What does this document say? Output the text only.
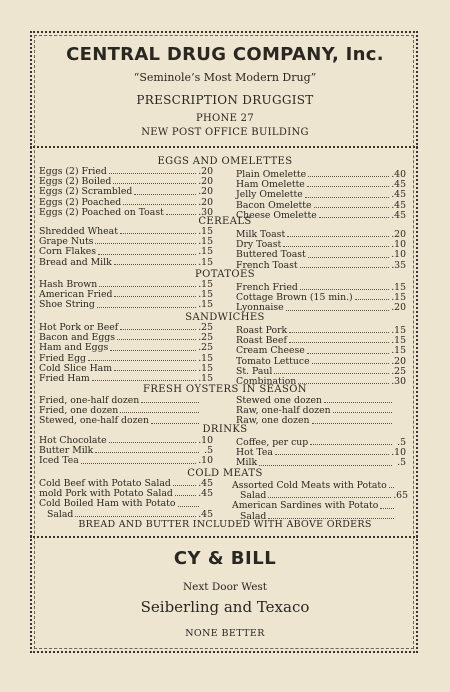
CENTRAL DRUG COMPANY, Inc.
“Seminole’s Most Modern Drug”
PRESCRIPTION DRUGGIST
PHONE 27
NEW POST OFFICE BUILDING
EGGS AND OMELETTES
Eggs (2) Fried	.20
Eggs (2) Boiled	.20
Eggs (2) Scrambled	.20
Eggs (2) Poached	.20
Eggs (2) Poached on Toast	.30
Plain Omelette	.40
Ham Omelette	.45
Jelly Omelette	.45
Bacon Omelette	.45
Cheese Omelette	.45
CEREALS
Shredded Wheat	.15
Grape Nuts	.15
Corn Flakes	.15
Bread and Milk	.15
Milk Toast	.20
Dry Toast	.10
Buttered Toast	.10
French Toast	.35
POTATOES
Hash Brown	.15
American Fried	.15
Shoe String	.15
French Fried	.15
Cottage Brown (15 min.)	.15
Lyonnaise	.20
SANDWICHES
Hot Pork or Beef	.25
Bacon and Eggs	.25
Ham and Eggs	.25
Fried Egg	.15
Cold Slice Ham	.15
Fried Ham	.15
Roast Pork	.15
Roast Beef	.15
Cream Cheese	.15
Tomato Lettuce	.20
St. Paul	.25
Combination	.30
FRESH OYSTERS IN SEASON
Fried, one-half dozen
Fried, one dozen
Stewed, one-half dozen
Stewed one dozen
Raw, one-half dozen
Raw, one dozen
DRINKS
Hot Chocolate	.10
Butter Milk	.5
Iced Tea	.10
Coffee, per cup	.5
Hot Tea	.10
Milk	.5
COLD MEATS
Cold Beef with Potato Salad	.45
mold Pork with Potato Salad	.45
Cold Boiled Ham with Potato
Salad	.45
Assorted Cold Meats with Potato
Salad	.65
American Sardines with Potato
Salad
BREAD AND BUTTER INCLUDED WITH ABOVE ORDERS
CY & BILL
Next Door West
Seiberling and Texaco
NONE BETTER
